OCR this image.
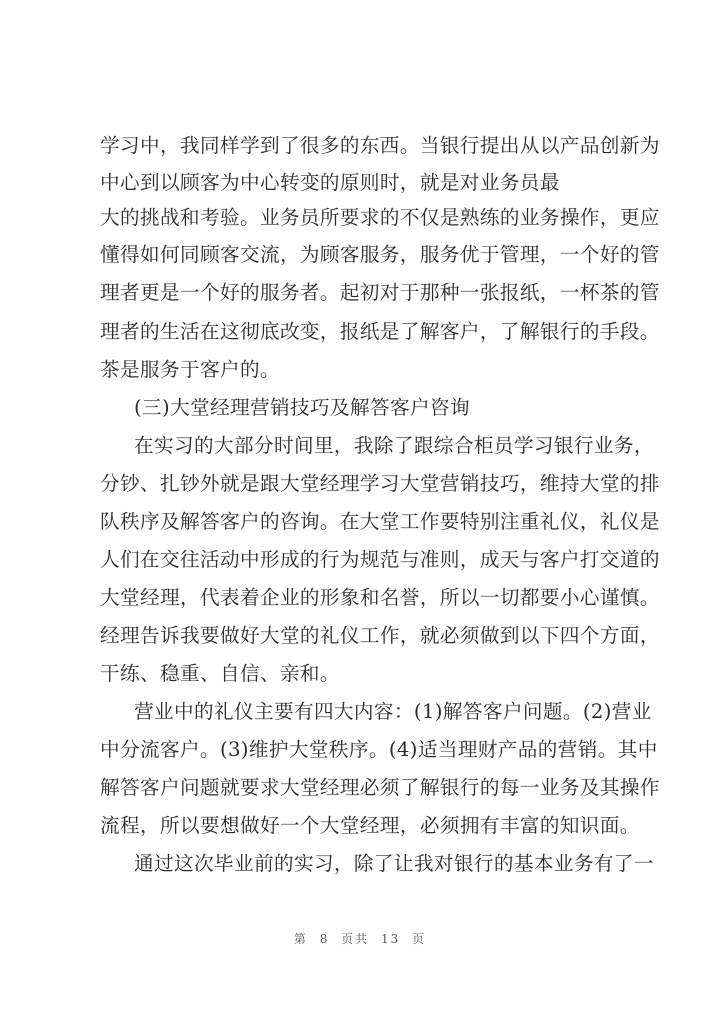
学习中，我同样学到了很多的东西。当银行提出从以产品创新为
中心到以顾客为中心转变的原则时，就是对业务员最
大的挑战和考验。业务员所要求的不仅是熟练的业务操作，更应
懂得如何同顾客交流，为顾客服务，服务优于管理，一个好的管
理者更是一个好的服务者。起初对于那种一张报纸，一杯茶的管
理者的生活在这彻底改变，报纸是了解客户，了解银行的手段。
茶是服务于客户的。
(三)大堂经理营销技巧及解答客户咨询
在实习的大部分时间里，我除了跟综合柜员学习银行业务，
分钞、扎钞外就是跟大堂经理学习大堂营销技巧，维持大堂的排
队秩序及解答客户的咨询。在大堂工作要特别注重礼仪，礼仪是
人们在交往活动中形成的行为规范与准则，成天与客户打交道的
大堂经理，代表着企业的形象和名誉，所以一切都要小心谨慎。
经理告诉我要做好大堂的礼仪工作，就必须做到以下四个方面，
干练、稳重、自信、亲和。
营业中的礼仪主要有四大内容：(1)解答客户问题。(2)营业
中分流客户。(3)维护大堂秩序。(4)适当理财产品的营销。其中
解答客户问题就要求大堂经理必须了解银行的每一业务及其操作
流程，所以要想做好一个大堂经理，必须拥有丰富的知识面。
通过这次毕业前的实习，除了让我对银行的基本业务有了一
第 8 页共 13 页
